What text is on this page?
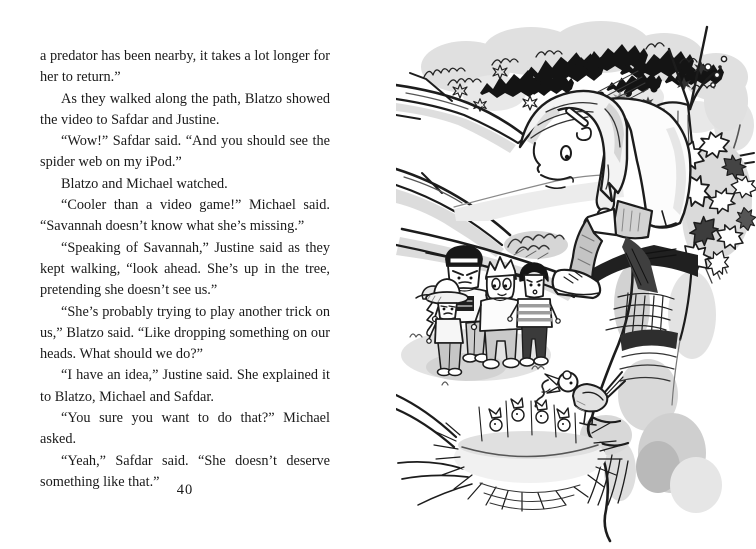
a predator has been nearby, it takes a lot longer for her to return.”

As they walked along the path, Blatzo showed the video to Safdar and Justine.

“Wow!” Safdar said. “And you should see the spider web on my iPod.”

Blatzo and Michael watched.

“Cooler than a video game!” Michael said. “Savannah doesn’t know what she’s missing.”

“Speaking of Savannah,” Justine said as they kept walking, “look ahead. She’s up in the tree, pretending she doesn’t see us.”

“She’s probably trying to play another trick on us,” Blatzo said. “Like dropping something on our heads. What should we do?”

“I have an idea,” Justine said. She explained it to Blatzo, Michael and Safdar.

“You sure you want to do that?” Michael asked.

“Yeah,” Safdar said. “She doesn’t deserve something like that.”

40
